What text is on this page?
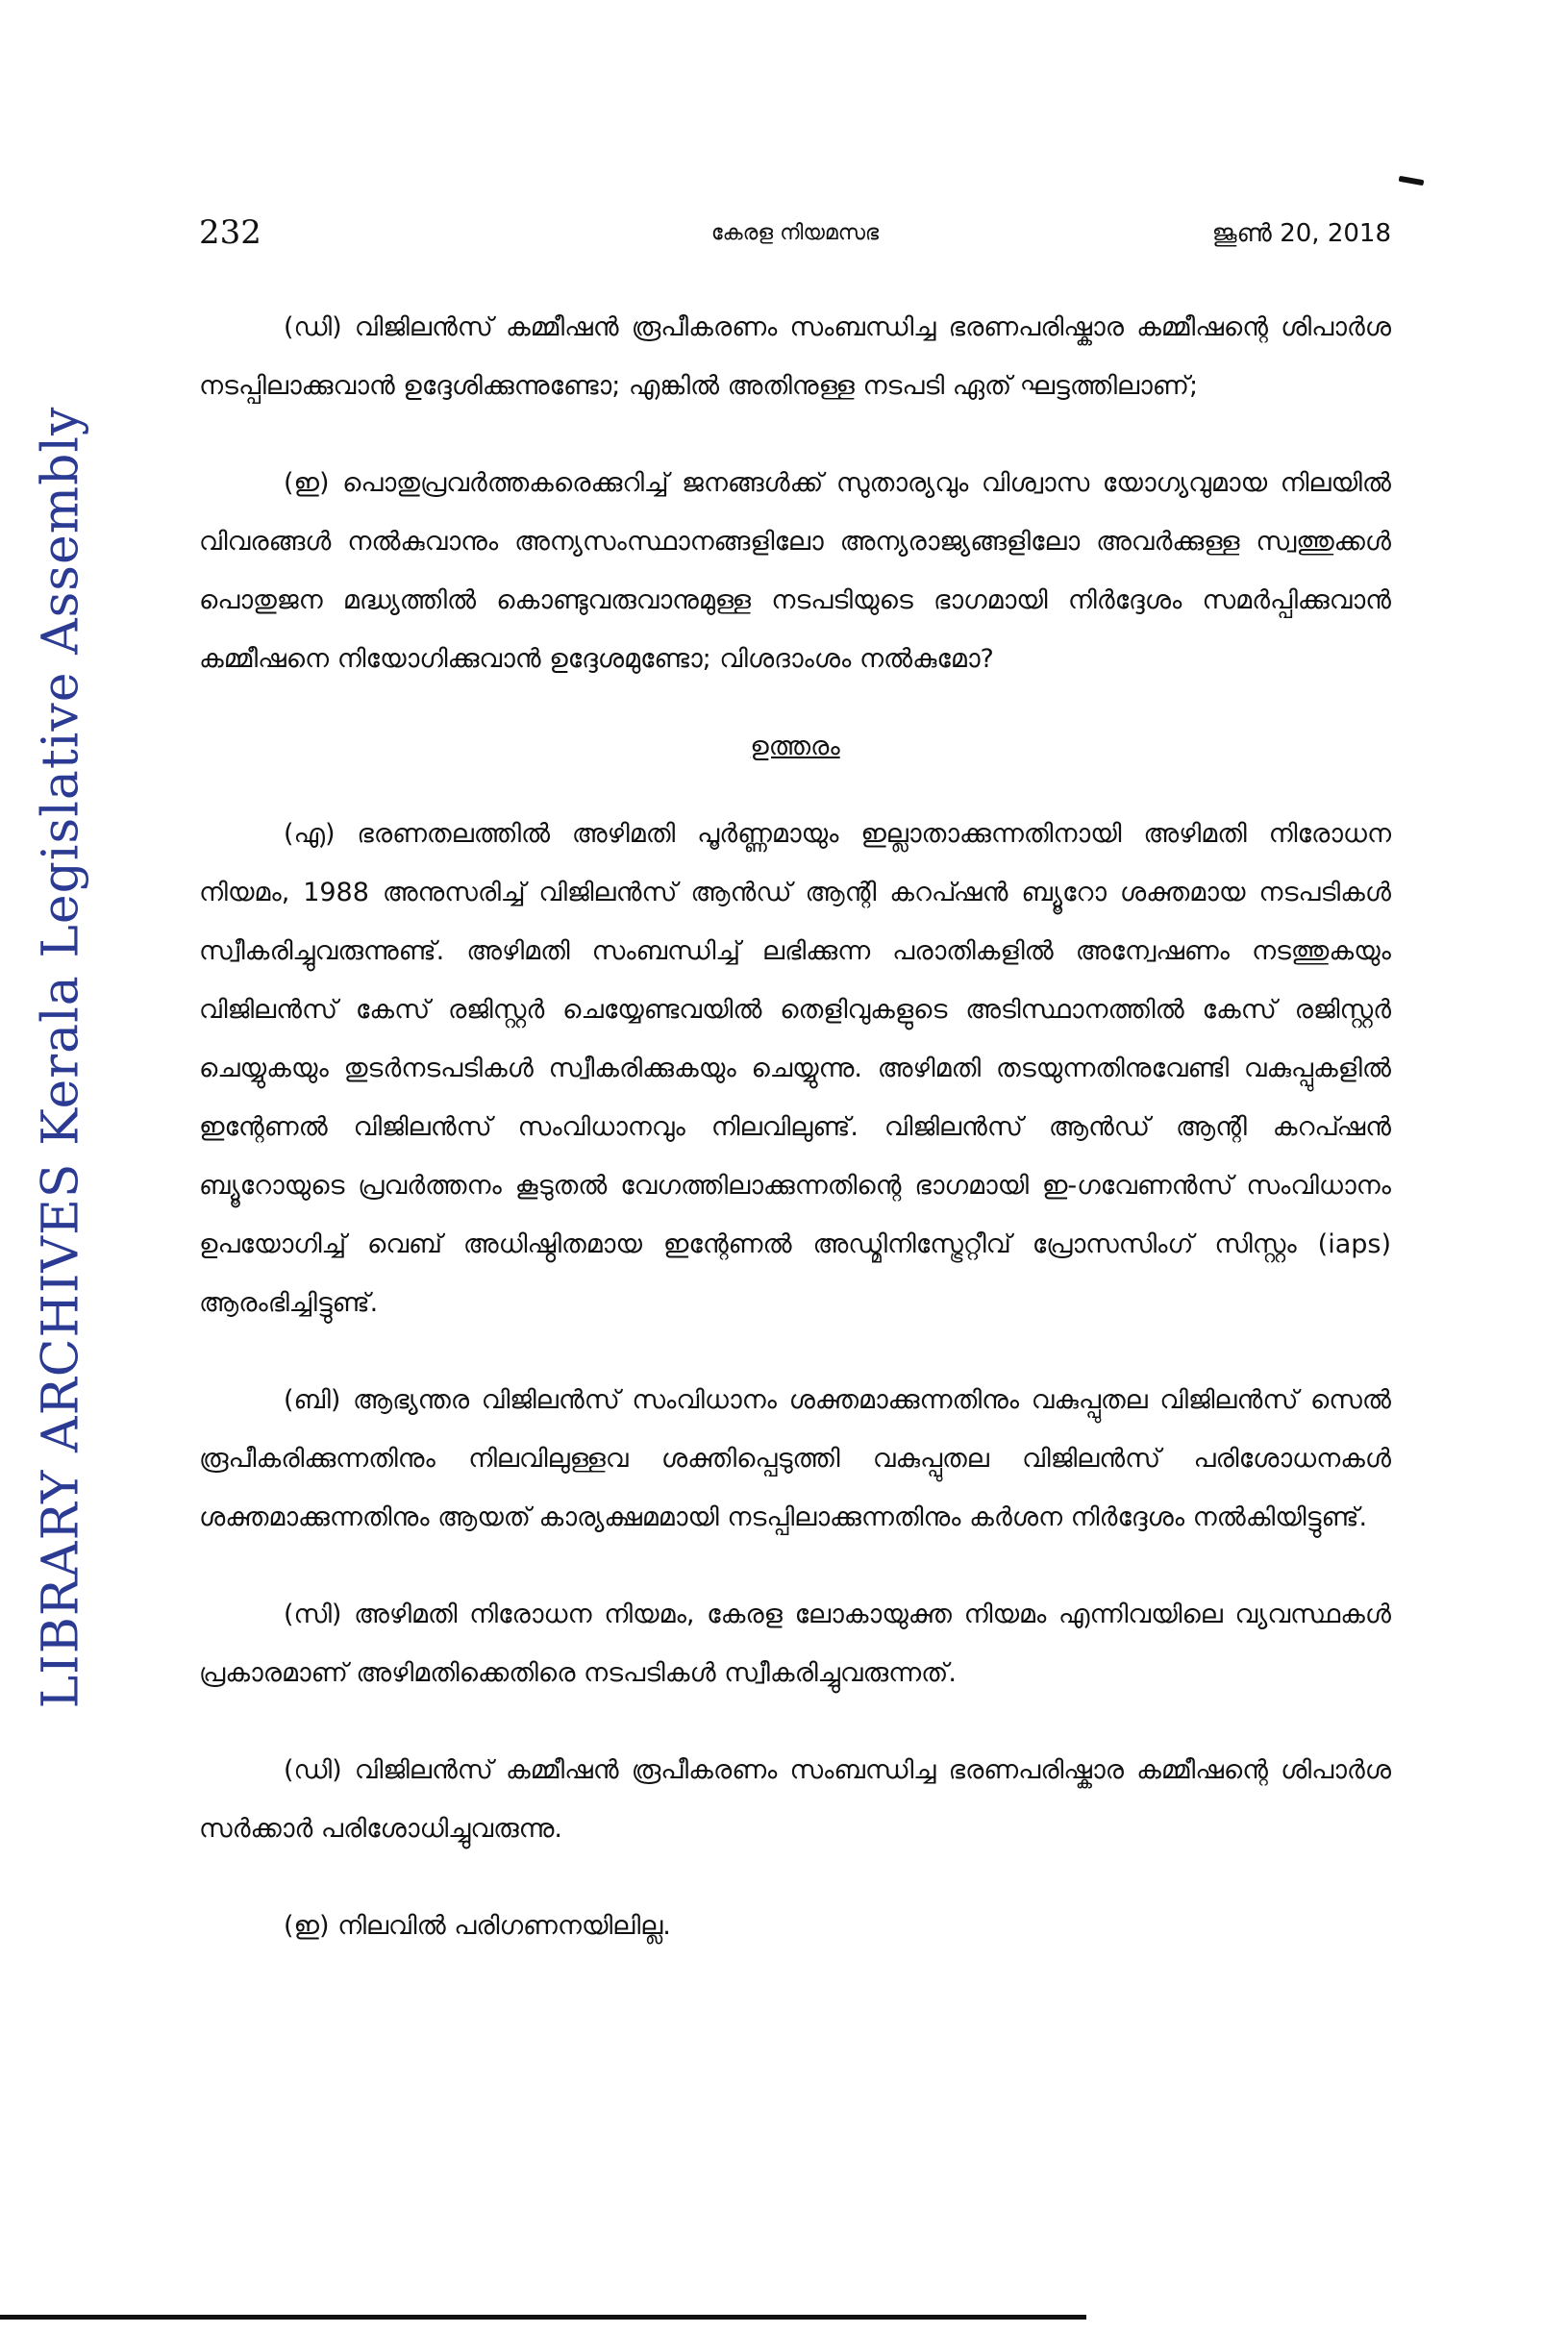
LIBRARY ARCHIVES Kerala Legislative Assembly
232	കേരള നിയമസഭ	ജൂൺ 20, 2018

(ഡി) വിജിലൻസ് കമ്മീഷൻ രൂപീകരണം സംബന്ധിച്ച ഭരണപരിഷ്കാര കമ്മീഷന്റെ ശിപാർശ നടപ്പിലാക്കുവാൻ ഉദ്ദേശിക്കുന്നുണ്ടോ; എങ്കിൽ അതിനുള്ള നടപടി ഏത് ഘട്ടത്തിലാണ്;

(ഇ) പൊതുപ്രവർത്തകരെക്കുറിച്ച് ജനങ്ങൾക്ക് സുതാര്യവും വിശ്വാസ യോഗ്യവുമായ നിലയിൽ വിവരങ്ങൾ നൽകുവാനും അന്യസംസ്ഥാനങ്ങളിലോ അന്യരാജ്യങ്ങളിലോ അവർക്കുള്ള സ്വത്തുക്കൾ പൊതുജന മദ്ധ്യത്തിൽ കൊണ്ടുവരുവാനുമുള്ള നടപടിയുടെ ഭാഗമായി നിർദ്ദേശം സമർപ്പിക്കുവാൻ കമ്മീഷനെ നിയോഗിക്കുവാൻ ഉദ്ദേശമുണ്ടോ; വിശദാംശം നൽകുമോ?

ഉത്തരം

(എ) ഭരണതലത്തിൽ അഴിമതി പൂർണ്ണമായും ഇല്ലാതാക്കുന്നതിനായി അഴിമതി നിരോധന നിയമം, 1988 അനുസരിച്ച് വിജിലൻസ് ആൻഡ് ആന്റി കറപ്ഷൻ ബ്യൂറോ ശക്തമായ നടപടികൾ സ്വീകരിച്ചുവരുന്നുണ്ട്. അഴിമതി സംബന്ധിച്ച് ലഭിക്കുന്ന പരാതികളിൽ അന്വേഷണം നടത്തുകയും വിജിലൻസ് കേസ് രജിസ്റ്റർ ചെയ്യേണ്ടവയിൽ തെളിവുകളുടെ അടിസ്ഥാനത്തിൽ കേസ് രജിസ്റ്റർ ചെയ്യുകയും തുടർനടപടികൾ സ്വീകരിക്കുകയും ചെയ്യുന്നു. അഴിമതി തടയുന്നതിനുവേണ്ടി വകുപ്പുകളിൽ ഇന്റേണൽ വിജിലൻസ് സംവിധാനവും നിലവിലുണ്ട്. വിജിലൻസ് ആൻഡ് ആന്റി കറപ്ഷൻ ബ്യൂറോയുടെ പ്രവർത്തനം കൂടുതൽ വേഗത്തിലാക്കുന്നതിന്റെ ഭാഗമായി ഇ-ഗവേണൻസ് സംവിധാനം ഉപയോഗിച്ച് വെബ് അധിഷ്ഠിതമായ ഇന്റേണൽ അഡ്മിനിസ്ട്രേറ്റീവ് പ്രോസസിംഗ് സിസ്റ്റം (iaps) ആരംഭിച്ചിട്ടുണ്ട്.

(ബി) ആഭ്യന്തര വിജിലൻസ് സംവിധാനം ശക്തമാക്കുന്നതിനും വകുപ്പുതല വിജിലൻസ് സെൽ രൂപീകരിക്കുന്നതിനും നിലവിലുള്ളവ ശക്തിപ്പെടുത്തി വകുപ്പുതല വിജിലൻസ് പരിശോധനകൾ ശക്തമാക്കുന്നതിനും ആയത് കാര്യക്ഷമമായി നടപ്പിലാക്കുന്നതിനും കർശന നിർദ്ദേശം നൽകിയിട്ടുണ്ട്.

(സി) അഴിമതി നിരോധന നിയമം, കേരള ലോകായുക്ത നിയമം എന്നിവയിലെ വ്യവസ്ഥകൾ പ്രകാരമാണ് അഴിമതിക്കെതിരെ നടപടികൾ സ്വീകരിച്ചുവരുന്നത്.

(ഡി) വിജിലൻസ് കമ്മീഷൻ രൂപീകരണം സംബന്ധിച്ച ഭരണപരിഷ്കാര കമ്മീഷന്റെ ശിപാർശ സർക്കാർ പരിശോധിച്ചുവരുന്നു.

(ഇ) നിലവിൽ പരിഗണനയിലില്ല.
